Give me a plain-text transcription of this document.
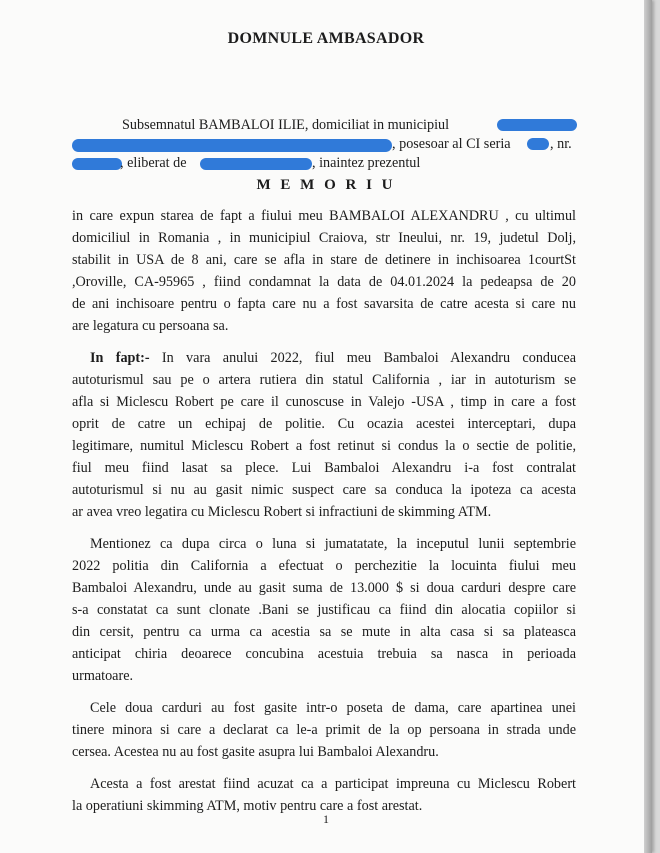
DOMNULE AMBASADOR
Subsemnatul BAMBALOI ILIE, domiciliat in municipiul
, posesoar al CI seria	, nr.
, eliberat de	, inaintez prezentul
M E M O R I U
in care expun starea de fapt a fiului meu BAMBALOI ALEXANDRU , cu ultimul
domiciliul in Romania , in municipiul Craiova, str Ineului, nr. 19, judetul Dolj,
stabilit in USA de 8 ani, care se afla in stare de detinere in inchisoarea 1courtSt
,Oroville, CA-95965 , fiind condamnat la data de 04.01.2024 la pedeapsa de 20
de ani inchisoare pentru o fapta care nu a fost savarsita de catre acesta si care nu
are legatura cu persoana sa.
In fapt:- In vara anului 2022, fiul meu Bambaloi Alexandru conducea
autoturismul sau pe o artera rutiera din statul California , iar in autoturism se
afla si Miclescu Robert pe care il cunoscuse in Valejo -USA , timp in care a fost
oprit de catre un echipaj de politie. Cu ocazia acestei interceptari, dupa
legitimare, numitul Miclescu Robert a fost retinut si condus la o sectie de politie,
fiul meu fiind lasat sa plece. Lui Bambaloi Alexandru i-a fost contralat
autoturismul si nu au gasit nimic suspect care sa conduca la ipoteza ca acesta
ar avea vreo legatira cu Miclescu Robert si infractiuni de skimming ATM.
Mentionez ca dupa circa o luna si jumatatate, la inceputul lunii septembrie
2022 politia din California a efectuat o perchezitie la locuinta fiului meu
Bambaloi Alexandru, unde au gasit suma de 13.000 $ si doua carduri despre care
s-a constatat ca sunt clonate .Bani se justificau ca fiind din alocatia copiilor si
din cersit, pentru ca urma ca acestia sa se mute in alta casa si sa plateasca
anticipat chiria deoarece concubina acestuia trebuia sa nasca in perioada
urmatoare.
Cele doua carduri au fost gasite intr-o poseta de dama, care apartinea unei
tinere minora si care a declarat ca le-a primit de la op persoana in strada unde
cersea. Acestea nu au fost gasite asupra lui Bambaloi Alexandru.
Acesta a fost arestat fiind acuzat ca a participat impreuna cu Miclescu Robert
la operatiuni skimming ATM, motiv pentru care a fost arestat.
1
